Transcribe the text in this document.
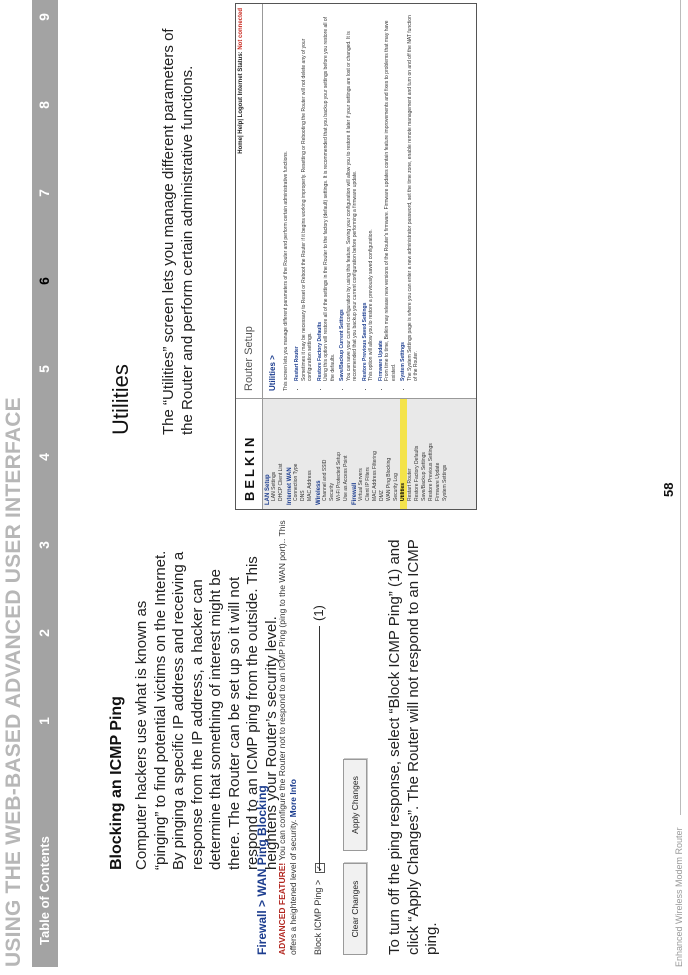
USING THE WEB-BASED ADVANCED USER INTERFACE Table of Contents
1
2
3
4
5
6
7
8
9
Blocking an ICMP Ping Computer hackers use what is known as “pinging” to find potential victims on the Internet. By pinging a specific IP address and receiving a response from the IP address, a hacker can determine that something of interest might be there. The Router can be set up so it will not respond to an ICMP ping from the outside. This heightens your Router’s security level.

Firewall > WAN Ping Blocking ADVANCED FEATURE! You can configure the Router not to respond to an ICMP Ping (ping to the WAN port).. This offers a heightened level of security. More Info
Block ICMP Ping > ✓
(1)
Clear Changes
Apply Changes	To turn off the ping response, select “Block ICMP Ping” (1) and click “Apply Changes”. The Router will not respond to an ICMP ping.

Utilities The “Utilities” screen lets you manage different parameters of the Router and perform certain administrative functions.

BELKIN
Router Setup
Home| Help| Logout Internet Status: Not connected
LAN Setup LAN Settings DHCP Client List Internet WAN Connection Type DNS MAC Address Wireless Channel and SSID Security Wi-Fi Protected Setup Use as Access Point Firewall Virtual Servers Client IP Filters MAC Address Filtering DMZ WAN Ping Blocking Security Log Utilities Restart Router Restore Factory Defaults Save/Backup Settings Restore Previous Settings Firmware Update System Settings
Utilities > This screen lets you manage different parameters of the Router and perform certain administrative functions. • Restart Router
Sometimes it may be necessary to Reset or Reboot the Router if it begins working improperly. Resetting or Rebooting the Router will not delete any of your configuration settings. • Restore Factory Defaults
Using this option will restore all of the settings in the Router to the factory (default) settings. It is recommended that you backup your settings before you restore all of the defaults. • Save/Backup Current Settings
You can save your current configuration by using this feature. Saving your configuration will allow you to restore it later if your settings are lost or changed. It is recommended that you backup your current configuration before performing a firmware update. • Restore Previous Saved Settings
This option will allow you to restore a previously saved configuration. • Firmware Update
From time to time, Belkin may release new versions of the Router's firmware. Firmware updates contain feature improvements and fixes to problems that may have existed. • System Settings
The System Settings page is where you can enter a new administrator password, set the time zone, enable remote management and turn on and off the NAT function of the Router.
58
Enhanced Wireless Modem Router
